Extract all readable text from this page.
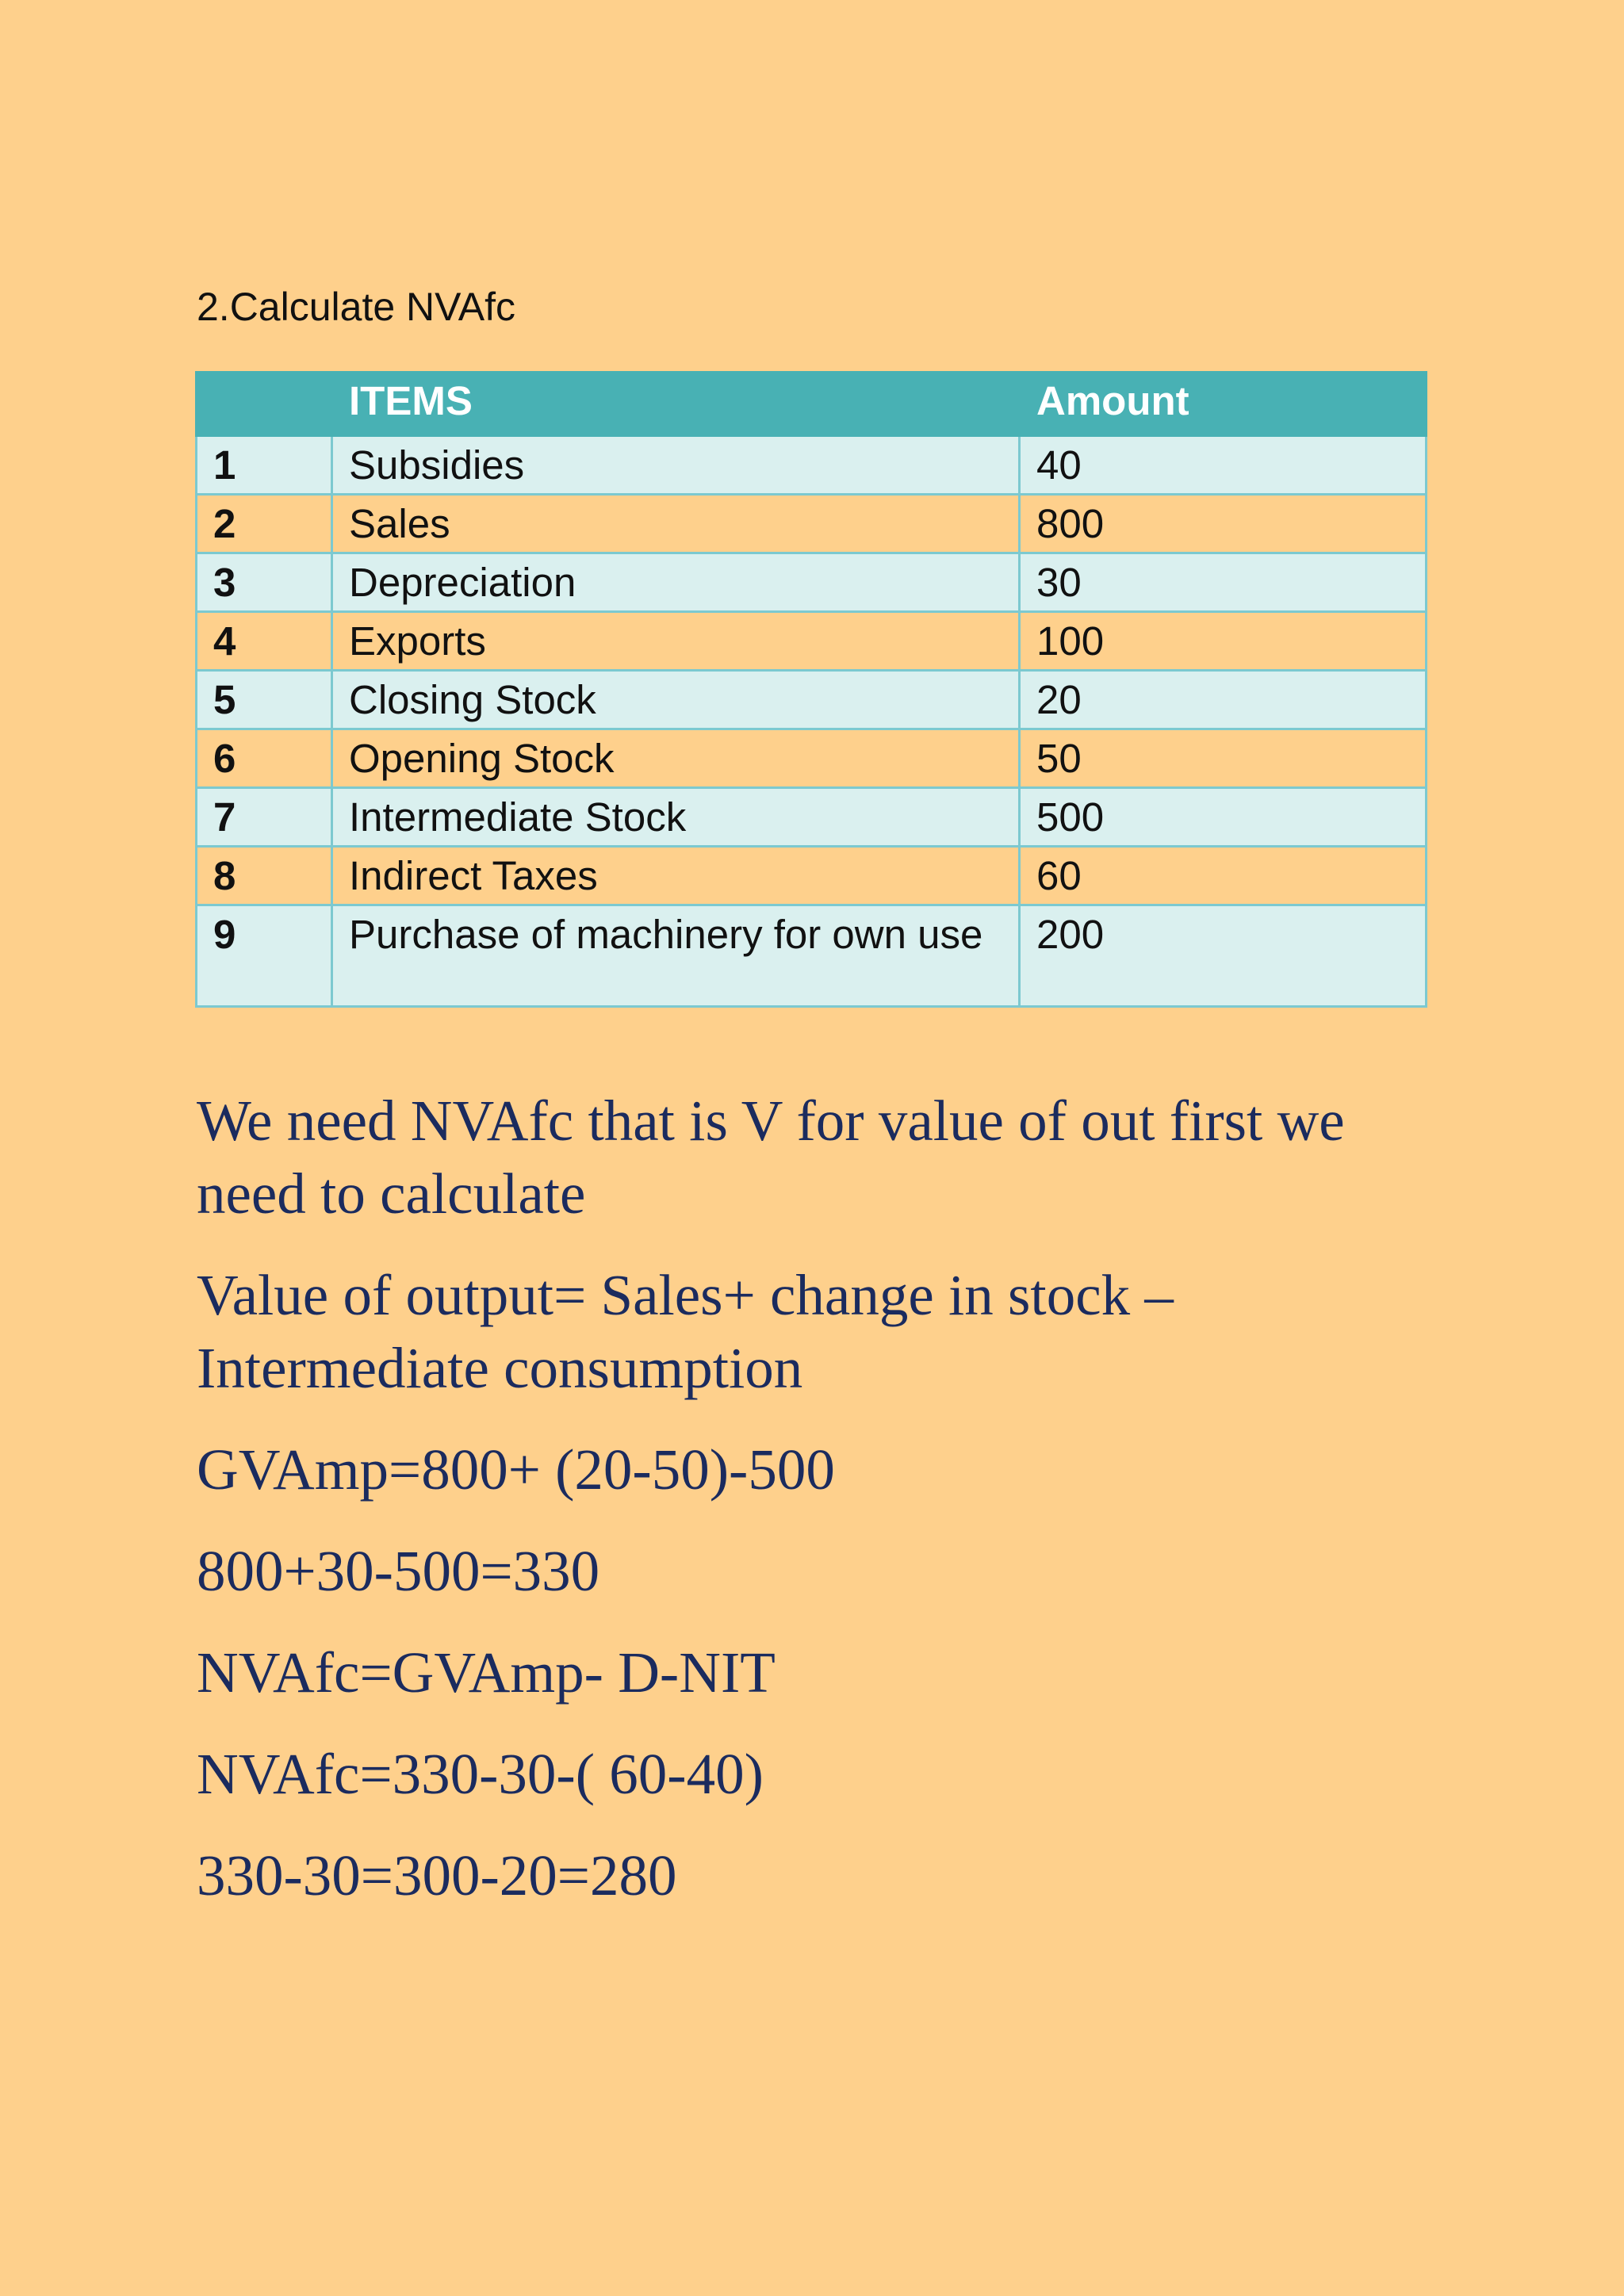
2.Calculate NVAfc
	ITEMS	Amount
1	Subsidies	40
2	Sales	800
3	Depreciation	30
4	Exports	100
5	Closing Stock	20
6	Opening Stock	50
7	Intermediate Stock	500
8	Indirect Taxes	60
9	Purchase of machinery for own use	200

We need NVAfc that is V for value of out first we need to calculate

Value of output= Sales+ change in stock – Intermediate consumption

GVAmp=800+ (20-50)-500

800+30-500=330

NVAfc=GVAmp- D-NIT

NVAfc=330-30-( 60-40)

330-30=300-20=280
